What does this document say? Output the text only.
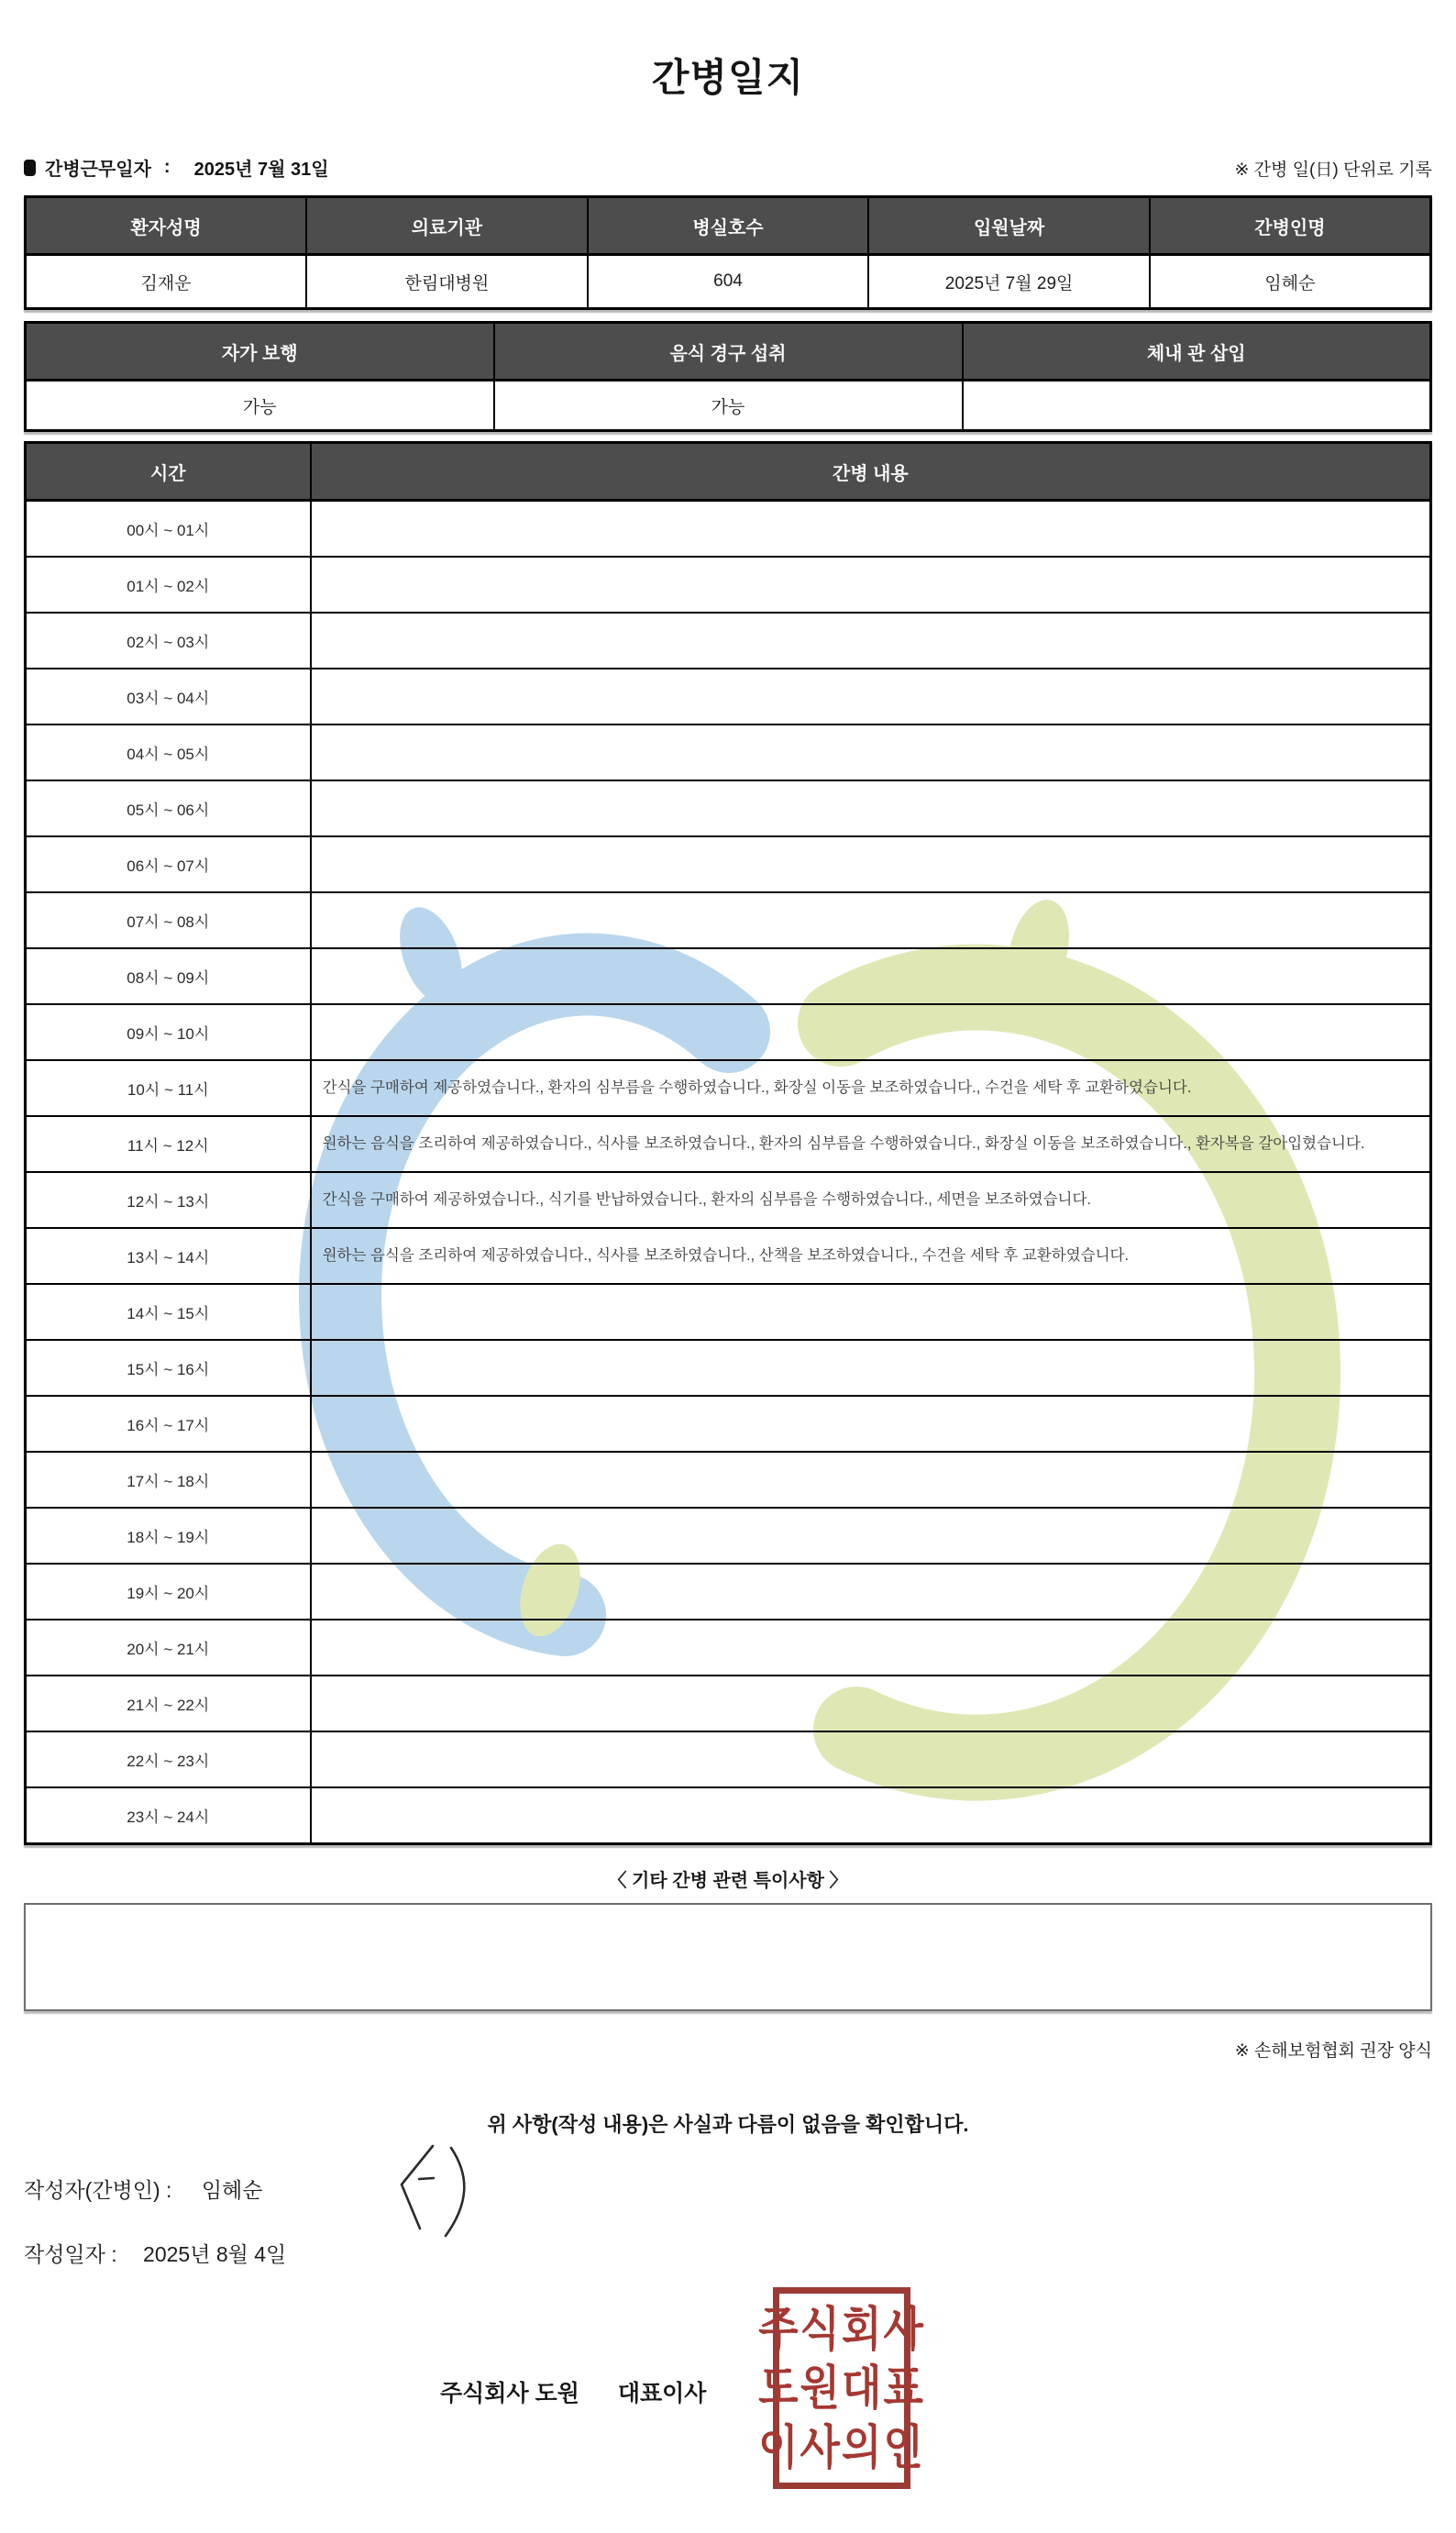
간병일지
간병근무일자 : 2025년 7월 31일	※ 간병 일(日) 단위로 기록
환자성명	의료기관	병실호수	입원날짜	간병인명
김재운	한림대병원	604	2025년 7월 29일	임혜순
자가 보행	음식 경구 섭취	체내 관 삽입
가능	가능	
시간	간병 내용
00시 ~ 01시	
01시 ~ 02시	
02시 ~ 03시	
03시 ~ 04시	
04시 ~ 05시	
05시 ~ 06시	
06시 ~ 07시	
07시 ~ 08시	
08시 ~ 09시	
09시 ~ 10시	
10시 ~ 11시	간식을 구매하여 제공하였습니다., 환자의 심부름을 수행하였습니다., 화장실 이동을 보조하였습니다., 수건을 세탁 후 교환하였습니다.
11시 ~ 12시	원하는 음식을 조리하여 제공하였습니다., 식사를 보조하였습니다., 환자의 심부름을 수행하였습니다., 화장실 이동을 보조하였습니다., 환자복을 갈아입혔습니다.
12시 ~ 13시	간식을 구매하여 제공하였습니다., 식기를 반납하였습니다., 환자의 심부름을 수행하였습니다., 세면을 보조하였습니다.
13시 ~ 14시	원하는 음식을 조리하여 제공하였습니다., 식사를 보조하였습니다., 산책을 보조하였습니다., 수건을 세탁 후 교환하였습니다.
14시 ~ 15시	
15시 ~ 16시	
16시 ~ 17시	
17시 ~ 18시	
18시 ~ 19시	
19시 ~ 20시	
20시 ~ 21시	
21시 ~ 22시	
22시 ~ 23시	
23시 ~ 24시	
〈 기타 간병 관련 특이사항 〉
※ 손해보험협회 권장 양식
위 사항(작성 내용)은 사실과 다름이 없음을 확인합니다.
작성자(간병인) : 임혜순
작성일자 : 2025년 8월 4일
주식회사 도원 대표이사
주식회사
도원대표
이사의인
